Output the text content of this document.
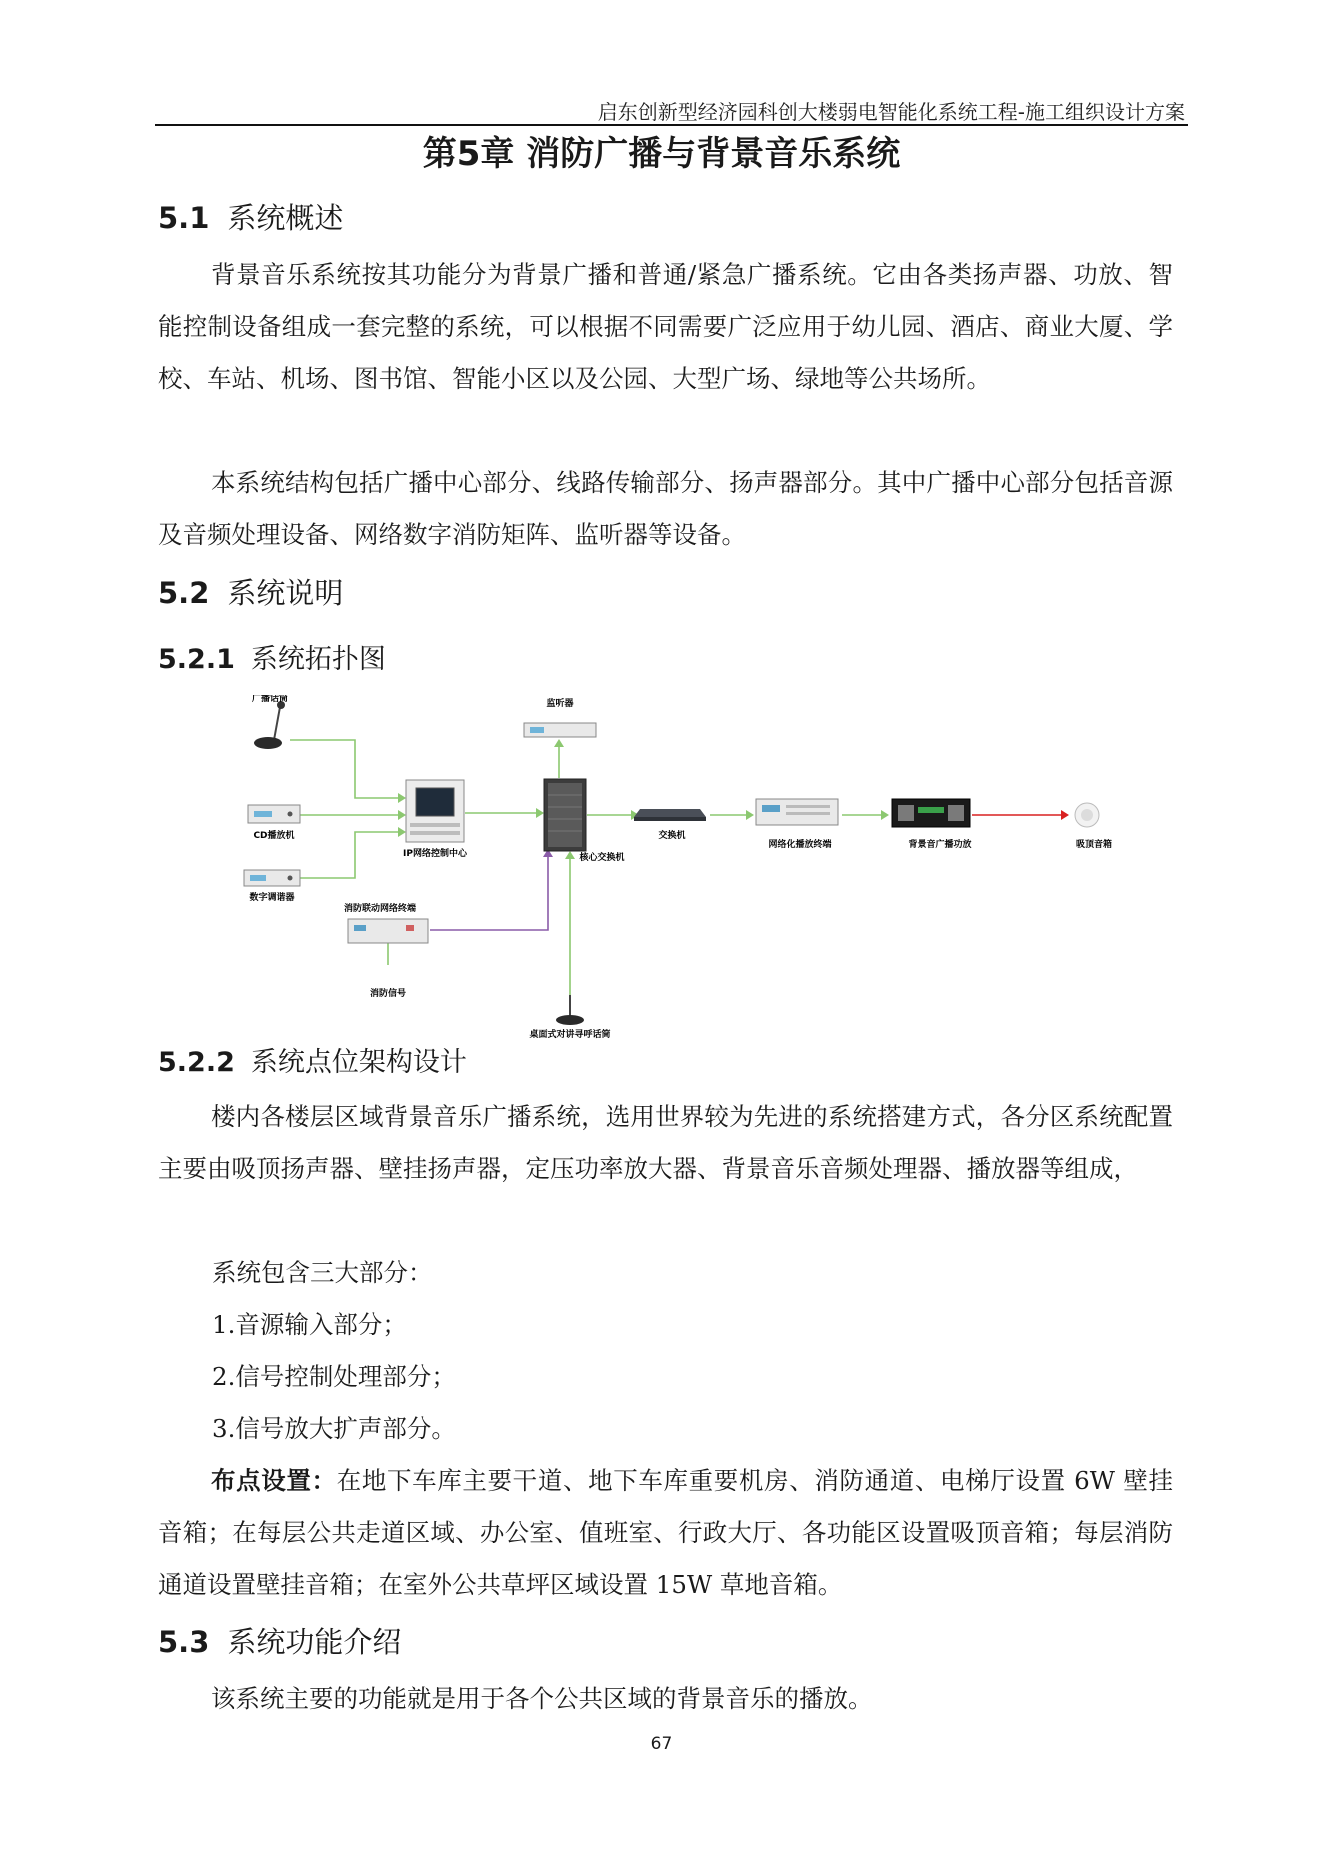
启东创新型经济园科创大楼弱电智能化系统工程-施工组织设计方案
第5章 消防广播与背景音乐系统
5.1 系统概述
背景音乐系统按其功能分为背景广播和普通/紧急广播系统。它由各类扬声器、功放、智能控制设备组成一套完整的系统，可以根据不同需要广泛应用于幼儿园、酒店、商业大厦、学校、车站、机场、图书馆、智能小区以及公园、大型广场、绿地等公共场所。
本系统结构包括广播中心部分、线路传输部分、扬声器部分。其中广播中心部分包括音源及音频处理设备、网络数字消防矩阵、监听器等设备。
5.2 系统说明
5.2.1 系统拓扑图
广播话筒
CD播放机
数字调谐器
IP网络控制中心
监听器
核心交换机
交换机
网络化播放终端	背景音广播功放	吸顶音箱
消防联动网络终端
消防信号
桌面式对讲寻呼话筒
5.2.2 系统点位架构设计
楼内各楼层区域背景音乐广播系统，选用世界较为先进的系统搭建方式，各分区系统配置主要由吸顶扬声器、壁挂扬声器，定压功率放大器、背景音乐音频处理器、播放器等组成，
系统包含三大部分：
1.音源输入部分；
2.信号控制处理部分；
3.信号放大扩声部分。
布点设置：在地下车库主要干道、地下车库重要机房、消防通道、电梯厅设置 6W 壁挂音箱；在每层公共走道区域、办公室、值班室、行政大厅、各功能区设置吸顶音箱；每层消防通道设置壁挂音箱；在室外公共草坪区域设置 15W 草地音箱。
5.3 系统功能介绍
该系统主要的功能就是用于各个公共区域的背景音乐的播放。
67
